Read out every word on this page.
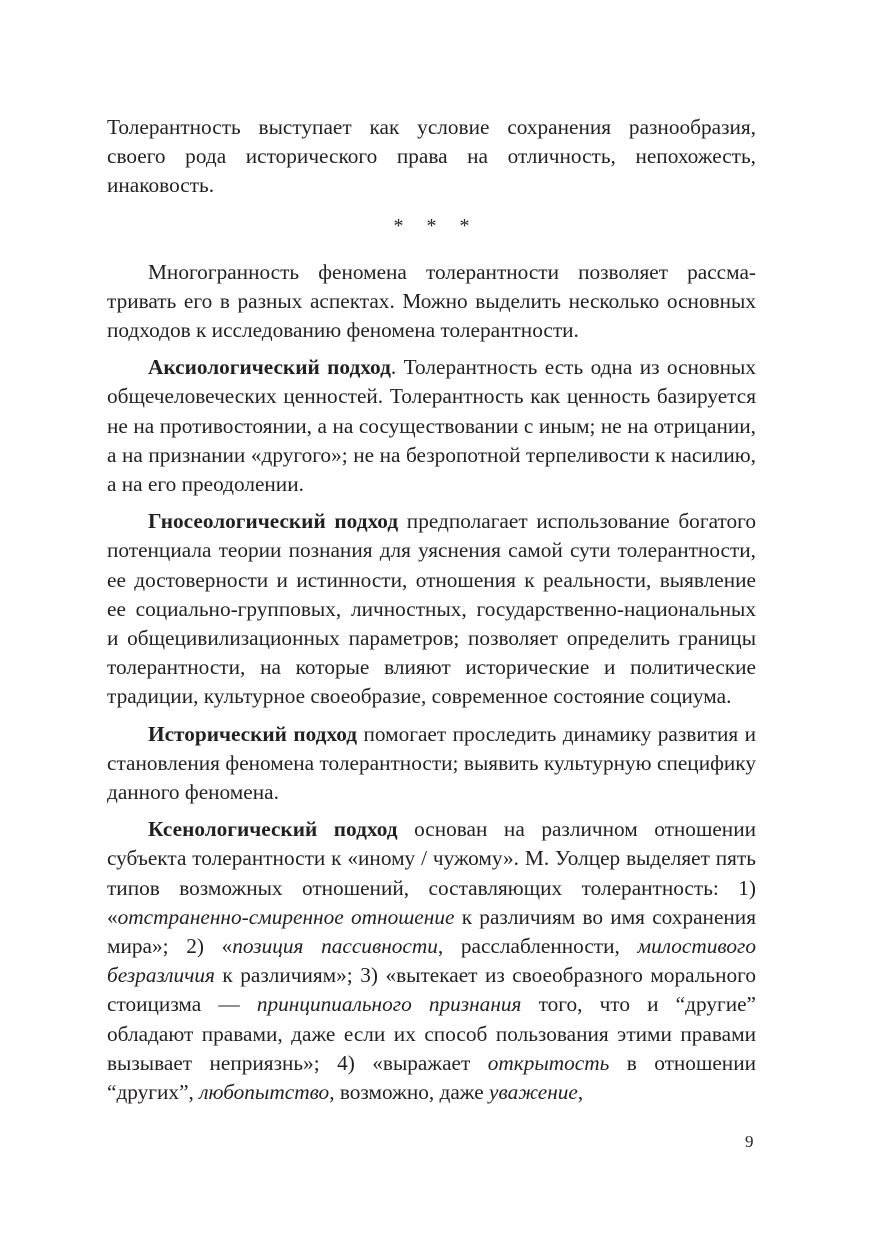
Толерантность выступает как условие сохранения разнообразия, своего рода исторического права на отличность, непохожесть, инаковость.

* * *

Многогранность феномена толерантности позволяет рассматривать его в разных аспектах. Можно выделить несколько основных подходов к исследованию феномена толерантности.

Аксиологический подход. Толерантность есть одна из основных общечеловеческих ценностей. Толерантность как ценность базируется не на противостоянии, а на сосуществовании с иным; не на отрицании, а на признании «другого»; не на безропотной терпеливости к насилию, а на его преодолении.

Гносеологический подход предполагает использование богатого потенциала теории познания для уяснения самой сути толерантности, ее достоверности и истинности, отношения к реальности, выявление ее социально-групповых, личностных, государственно-национальных и общецивилизационных параметров; позволяет определить границы толерантности, на которые влияют исторические и политические традиции, культурное своеобразие, современное состояние социума.

Исторический подход помогает проследить динамику развития и становления феномена толерантности; выявить культурную специфику данного феномена.

Ксенологический подход основан на различном отношении субъекта толерантности к «иному / чужому». М. Уолцер выделяет пять типов возможных отношений, составляющих толерантность: 1) «отстраненно-смиренное отношение к различиям во имя сохранения мира»; 2) «позиция пассивности, расслабленности, милостивого безразличия к различиям»; 3) «вытекает из своеобразного морального стоицизма — принципиального признания того, что и “другие” обладают правами, даже если их способ пользования этими правами вызывает неприязнь»; 4) «выражает открытость в отношении “других”, любопытство, возможно, даже уважение,

9
